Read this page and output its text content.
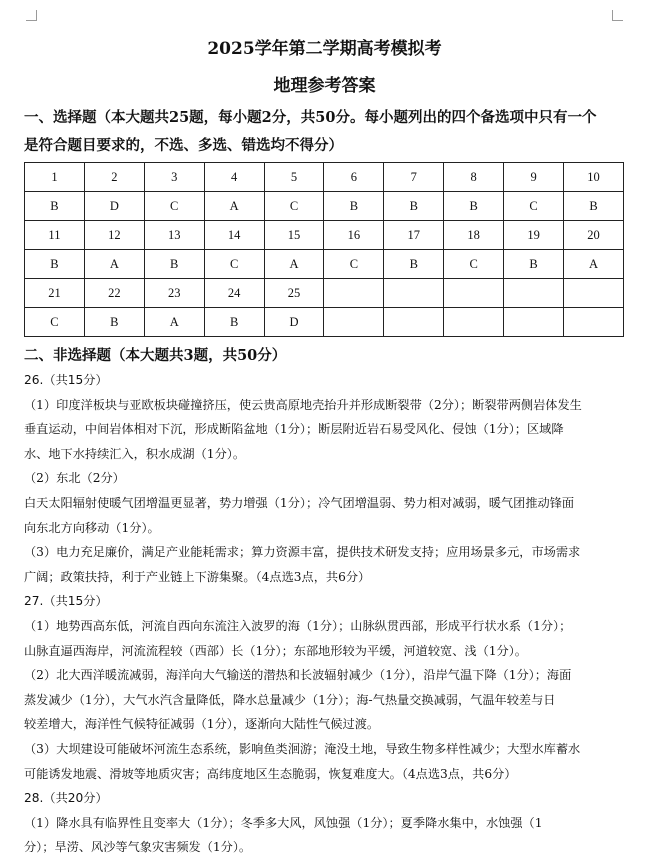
2025学年第二学期高考模拟考
地理参考答案
一、选择题（本大题共25题，每小题2分，共50分。每小题列出的四个备选项中只有一个
是符合题目要求的，不选、多选、错选均不得分）
1	2	3	4	5	6	7	8	9	10
B	D	C	A	C	B	B	B	C	B
11	12	13	14	15	16	17	18	19	20
B	A	B	C	A	C	B	C	B	A
21	22	23	24	25					
C	B	A	B	D					
二、非选择题（本大题共3题，共50分）

26.（共15分）

（1）印度洋板块与亚欧板块碰撞挤压，使云贵高原地壳抬升并形成断裂带（2分）；断裂带两侧岩体发生

垂直运动，中间岩体相对下沉，形成断陷盆地（1分）；断层附近岩石易受风化、侵蚀（1分）；区域降

水、地下水持续汇入，积水成湖（1分）。

（2）东北（2分）

白天太阳辐射使暖气团增温更显著，势力增强（1分）；冷气团增温弱、势力相对减弱，暖气团推动锋面

向东北方向移动（1分）。

（3）电力充足廉价，满足产业能耗需求；算力资源丰富，提供技术研发支持；应用场景多元，市场需求

广阔；政策扶持，利于产业链上下游集聚。（4点选3点，共6分）

27.（共15分）

（1）地势西高东低，河流自西向东流注入波罗的海（1分）；山脉纵贯西部，形成平行状水系（1分）；

山脉直逼西海岸，河流流程较（西部）长（1分）；东部地形较为平缓，河道较宽、浅（1分）。

（2）北大西洋暖流减弱，海洋向大气输送的潜热和长波辐射减少（1分），沿岸气温下降（1分）；海面

蒸发减少（1分），大气水汽含量降低，降水总量减少（1分）；海-气热量交换减弱，气温年较差与日

较差增大，海洋性气候特征减弱（1分），逐渐向大陆性气候过渡。

（3）大坝建设可能破坏河流生态系统，影响鱼类洄游；淹没土地，导致生物多样性减少；大型水库蓄水

可能诱发地震、滑坡等地质灾害；高纬度地区生态脆弱，恢复难度大。（4点选3点，共6分）

28.（共20分）

（1）降水具有临界性且变率大（1分）；冬季多大风，风蚀强（1分）；夏季降水集中，水蚀强（1

分）；旱涝、风沙等气象灾害频发（1分）。
